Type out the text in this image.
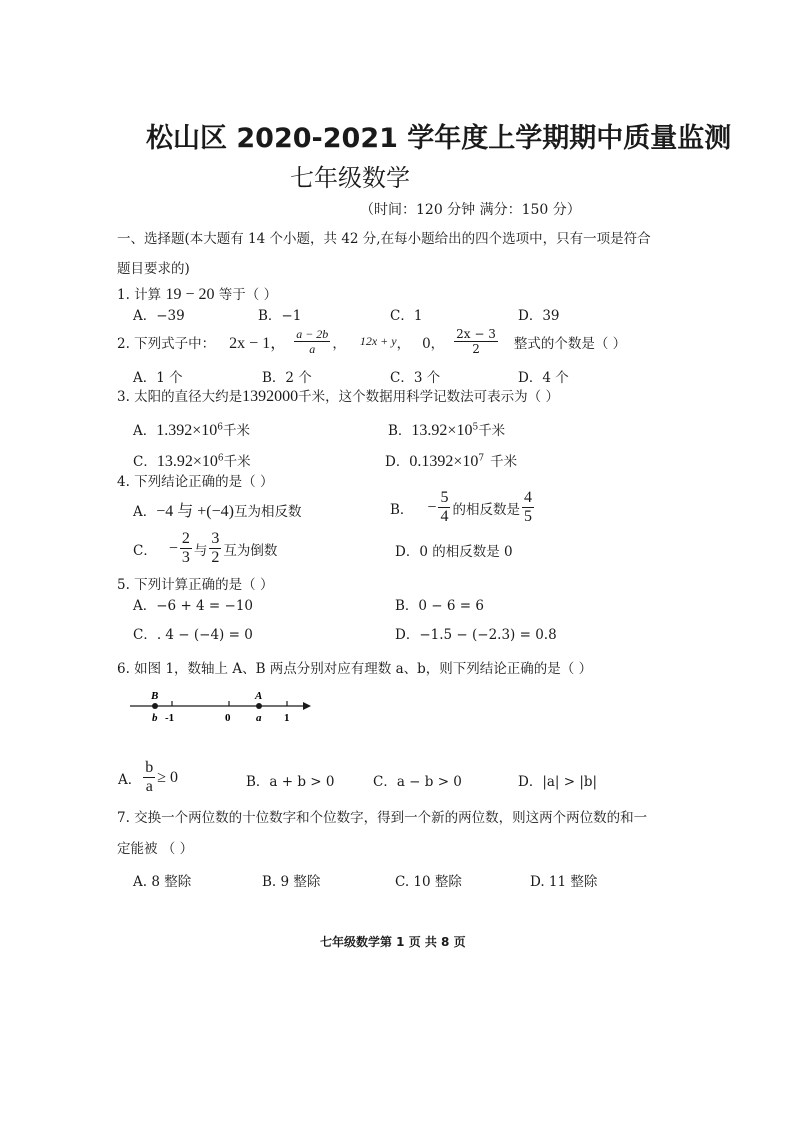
松山区 2020-2021 学年度上学期期中质量监测
七年级数学
（时间：120 分钟 满分：150 分）
一、选择题(本大题有 14 个小题，共 42 分,在每小题给出的四个选项中，只有一项是符合
题目要求的)
1. 计算 19 − 20 等于（ ）
A．−39	B．−1	C．1	D．39
2. 下列式子中： 2x − 1， $\frac{a - 2b}{a}$ ， 12x + y ， 0， $\frac{2x - 3}{2}$ 整式的个数是（ ）
A．1 个	B．2 个	C．3 个	D．4 个
3. 太阳的直径大约是1392000千米，这个数据用科学记数法可表示为（ ）
A．$1.392\times 10^6$千米	B．$13.92\times 10^5$千米
C．$13.92\times 10^6$千米	D．$0.1392\times 10^7$ 千米
4. 下列结论正确的是（ ）
A． −4 与 +(−4) 互为相反数	B． − $\frac{5}{4}$ 的相反数是 $\frac{4}{5}$
C． − $\frac{2}{3}$ 与 $\frac{3}{2}$ 互为倒数	D．0 的相反数是 0
5. 下列计算正确的是（ ）
A．−6 + 4 = −10	B．0 − 6 = 6
C．. 4 − (−4) = 0	D．−1.5 − (−2.3) = 0.8
6. 如图 1，数轴上 A、B 两点分别对应有理数 a、b，则下列结论正确的是（ ）
B	A
b -1	0 a 1
A． $\frac{b}{a} \ge 0$	B．a + b > 0	C．a − b > 0	D．|a| > |b|
7. 交换一个两位数的十位数字和个位数字，得到一个新的两位数，则这两个两位数的和一
定能被 （ ）
A. 8 整除	B. 9 整除	C. 10 整除	D. 11 整除
七年级数学第 1 页 共 8 页
